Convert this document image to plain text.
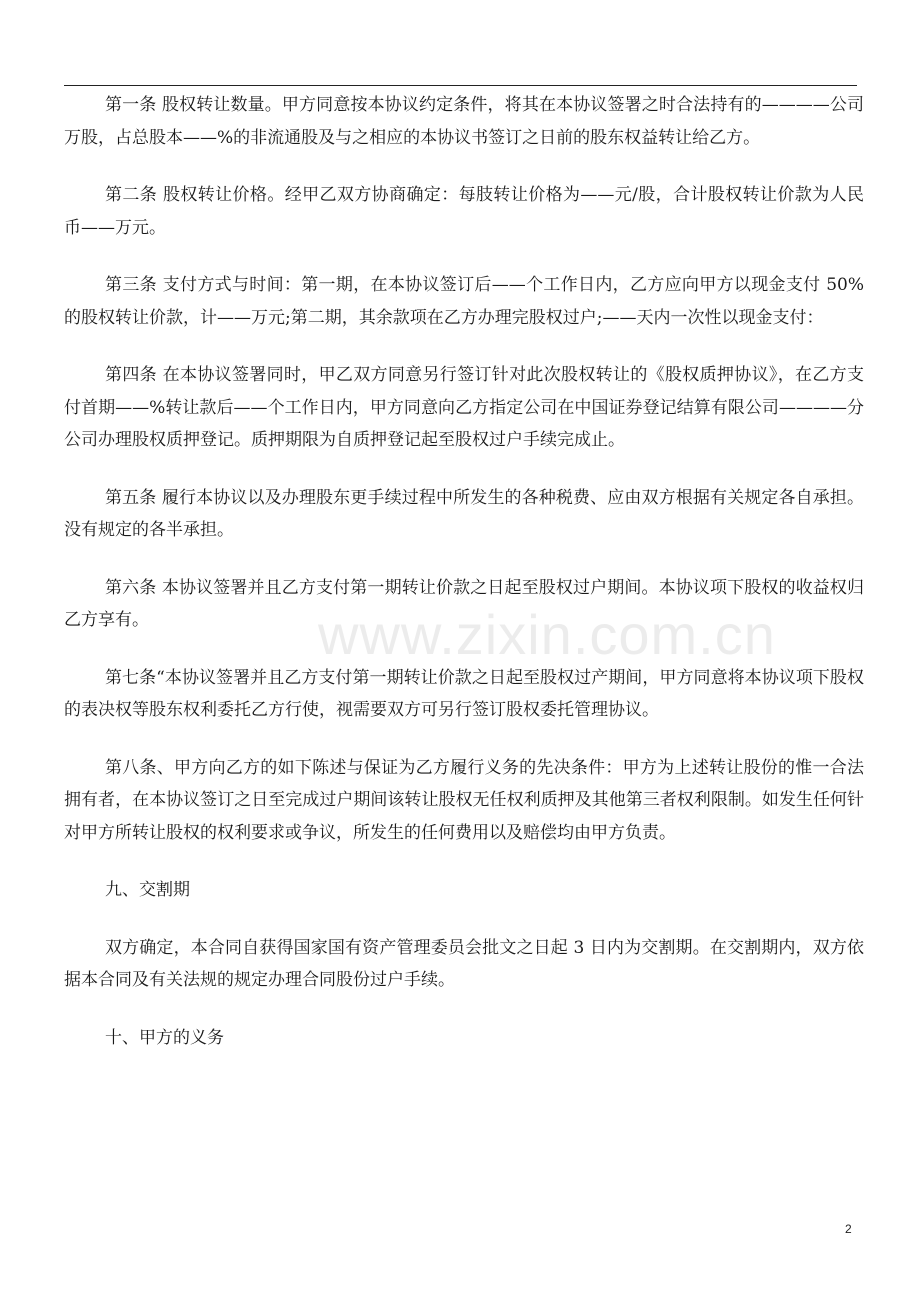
www.zixin.com.cn

第一条 股权转让数量。甲方同意按本协议约定条件，将其在本协议签署之时合法持有的————公司　　　万股，占总股本——%的非流通股及与之相应的本协议书签订之日前的股东权益转让给乙方。

第二条 股权转让价格。经甲乙双方协商确定：每肢转让价格为——元/股，合计股权转让价款为人民币——万元。

第三条 支付方式与时间：第一期，在本协议签订后——个工作日内，乙方应向甲方以现金支付 50%的股权转让价款，计——万元;第二期，其余款项在乙方办理完股权过户;——天内一次性以现金支付：

第四条 在本协议签署同时，甲乙双方同意另行签订针对此次股权转让的《股权质押协议》，在乙方支付首期——%转让款后——个工作日内，甲方同意向乙方指定公司在中国证券登记结算有限公司————分公司办理股权质押登记。质押期限为自质押登记起至股权过户手续完成止。

第五条 履行本协议以及办理股东更手续过程中所发生的各种税费、应由双方根据有关规定各自承担。没有规定的各半承担。

第六条 本协议签署并且乙方支付第一期转让价款之日起至股权过户期间。本协议项下股权的收益权归乙方享有。

第七条“本协议签署并且乙方支付第一期转让价款之日起至股权过产期间，甲方同意将本协议项下股权的表决权等股东权利委托乙方行使，视需要双方可另行签订股权委托管理协议。

第八条、甲方向乙方的如下陈述与保证为乙方履行义务的先决条件：甲方为上述转让股份的惟一合法拥有者，在本协议签订之日至完成过户期间该转让股权无任权利质押及其他第三者权利限制。如发生任何针对甲方所转让股权的权利要求或争议，所发生的任何费用以及赔偿均由甲方负责。

九、交割期

双方确定，本合同自获得国家国有资产管理委员会批文之日起 3 日内为交割期。在交割期内，双方依据本合同及有关法规的规定办理合同股份过户手续。

十、甲方的义务

2
